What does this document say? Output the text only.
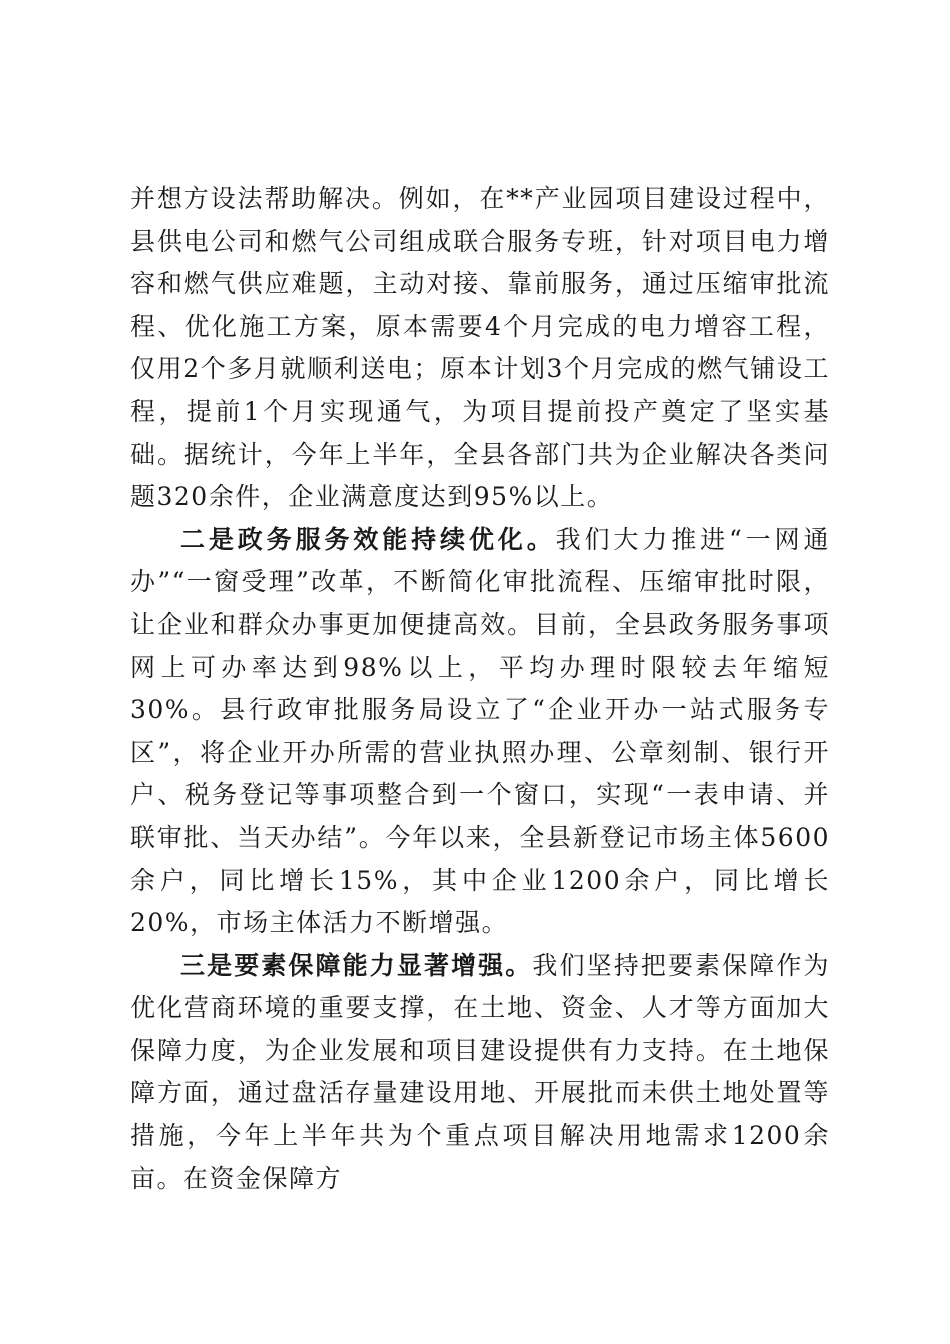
并想方设法帮助解决。例如，在**产业园项目建设过程中，县供电公司和燃气公司组成联合服务专班，针对项目电力增容和燃气供应难题，主动对接、靠前服务，通过压缩审批流程、优化施工方案，原本需要4个月完成的电力增容工程，仅用2个多月就顺利送电；原本计划3个月完成的燃气铺设工程，提前1个月实现通气，为项目提前投产奠定了坚实基础。据统计，今年上半年，全县各部门共为企业解决各类问题320余件，企业满意度达到95%以上。

二是政务服务效能持续优化。我们大力推进“一网通办”“一窗受理”改革，不断简化审批流程、压缩审批时限，让企业和群众办事更加便捷高效。目前，全县政务服务事项网上可办率达到98%以上，平均办理时限较去年缩短30%。县行政审批服务局设立了“企业开办一站式服务专区”，将企业开办所需的营业执照办理、公章刻制、银行开户、税务登记等事项整合到一个窗口，实现“一表申请、并联审批、当天办结”。今年以来，全县新登记市场主体5600余户，同比增长15%，其中企业1200余户，同比增长20%，市场主体活力不断增强。

三是要素保障能力显著增强。我们坚持把要素保障作为优化营商环境的重要支撑，在土地、资金、人才等方面加大保障力度，为企业发展和项目建设提供有力支持。在土地保障方面，通过盘活存量建设用地、开展批而未供土地处置等措施，今年上半年共为个重点项目解决用地需求1200余亩。在资金保障方
